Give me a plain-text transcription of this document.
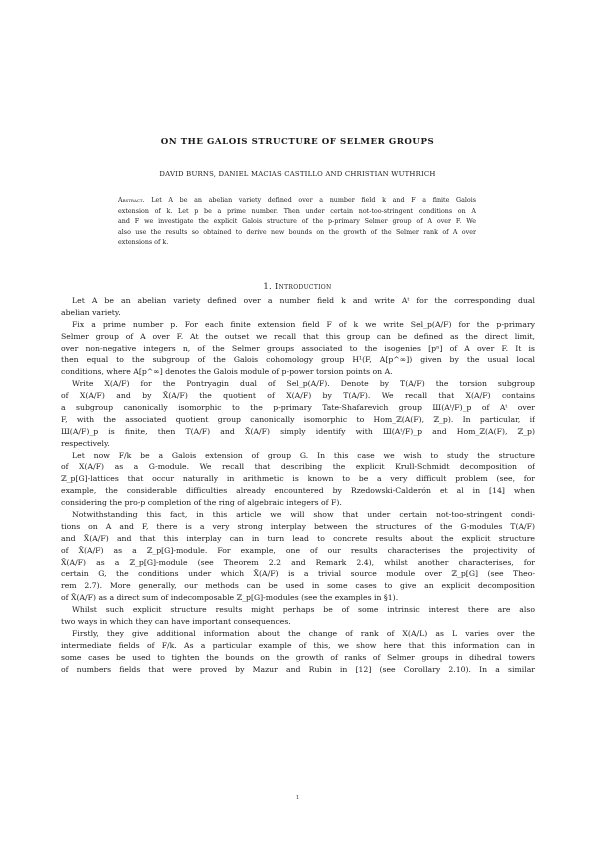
ON THE GALOIS STRUCTURE OF SELMER GROUPS
DAVID BURNS, DANIEL MACIAS CASTILLO AND CHRISTIAN WUTHRICH
Abstract. Let A be an abelian variety defined over a number field k and F a finite Galois
extension of k. Let p be a prime number. Then under certain not-too-stringent conditions on A
and F we investigate the explicit Galois structure of the p-primary Selmer group of A over F. We
also use the results so obtained to derive new bounds on the growth of the Selmer rank of A over
extensions of k.
1. Introduction
Let A be an abelian variety defined over a number field k and write Aᵗ for the corresponding dual
abelian variety.
Fix a prime number p. For each finite extension field F of k we write Sel_p(A/F) for the p-primary
Selmer group of A over F. At the outset we recall that this group can be defined as the direct limit,
over non-negative integers n, of the Selmer groups associated to the isogenies [pⁿ] of A over F. It is
then equal to the subgroup of the Galois cohomology group H¹(F, A[p^∞]) given by the usual local
conditions, where A[p^∞] denotes the Galois module of p-power torsion points on A.
Write X(A/F) for the Pontryagin dual of Sel_p(A/F). Denote by T(A/F) the torsion subgroup
of X(A/F) and by X̄(A/F) the quotient of X(A/F) by T(A/F). We recall that X(A/F) contains
a subgroup canonically isomorphic to the p-primary Tate-Shafarevich group Ш(Aᵗ/F)_p of Aᵗ over
F, with the associated quotient group canonically isomorphic to Hom_ℤ(A(F), ℤ_p). In particular, if
Ш(A/F)_p is finite, then T(A/F) and X̄(A/F) simply identify with Ш(Aᵗ/F)_p and Hom_ℤ(A(F), ℤ_p)
respectively.
Let now F/k be a Galois extension of group G. In this case we wish to study the structure
of X(A/F) as a G-module. We recall that describing the explicit Krull-Schmidt decomposition of
ℤ_p[G]-lattices that occur naturally in arithmetic is known to be a very difficult problem (see, for
example, the considerable difficulties already encountered by Rzedowski-Calderón et al in [14] when
considering the pro-p completion of the ring of algebraic integers of F).
Notwithstanding this fact, in this article we will show that under certain not-too-stringent condi-
tions on A and F, there is a very strong interplay between the structures of the G-modules T(A/F)
and X̄(A/F) and that this interplay can in turn lead to concrete results about the explicit structure
of X̄(A/F) as a ℤ_p[G]-module. For example, one of our results characterises the projectivity of
X̄(A/F) as a ℤ_p[G]-module (see Theorem 2.2 and Remark 2.4), whilst another characterises, for
certain G, the conditions under which X̄(A/F) is a trivial source module over ℤ_p[G] (see Theo-
rem 2.7). More generally, our methods can be used in some cases to give an explicit decomposition
of X̄(A/F) as a direct sum of indecomposable ℤ_p[G]-modules (see the examples in §1).
Whilst such explicit structure results might perhaps be of some intrinsic interest there are also
two ways in which they can have important consequences.
Firstly, they give additional information about the change of rank of X(A/L) as L varies over the
intermediate fields of F/k. As a particular example of this, we show here that this information can in
some cases be used to tighten the bounds on the growth of ranks of Selmer groups in dihedral towers
of numbers fields that were proved by Mazur and Rubin in [12] (see Corollary 2.10). In a similar
1
